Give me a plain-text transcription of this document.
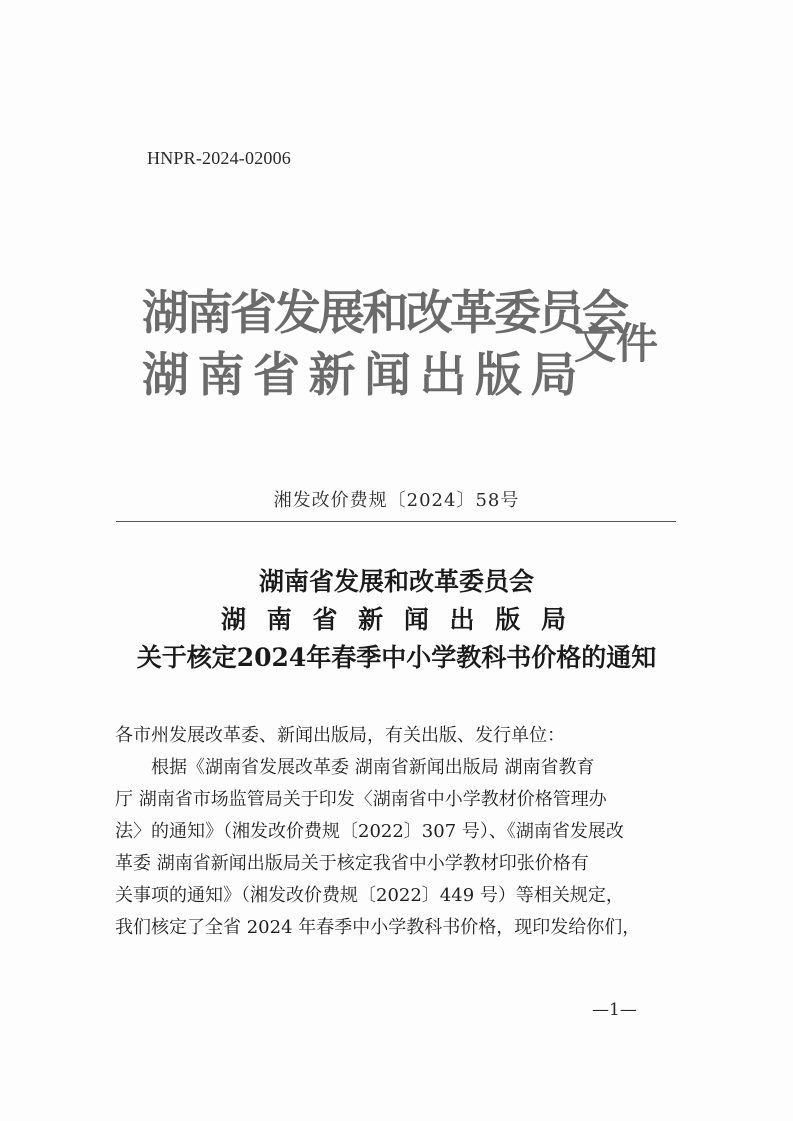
HNPR-2024-02006
湖南省发展和改革委员会
湖南省新闻出版局
文件
湘发改价费规〔2024〕58号
湖南省发展和改革委员会
湖 南 省 新 闻 出 版 局
关于核定2024年春季中小学教科书价格的通知

各市州发展改革委、新闻出版局，有关出版、发行单位：

根据《湖南省发展改革委 湖南省新闻出版局 湖南省教育

厅 湖南省市场监管局关于印发〈湖南省中小学教材价格管理办

法〉的通知》（湘发改价费规〔2022〕307 号）、《湖南省发展改

革委 湖南省新闻出版局关于核定我省中小学教材印张价格有

关事项的通知》（湘发改价费规〔2022〕449 号）等相关规定，

我们核定了全省 2024 年春季中小学教科书价格，现印发给你们，

—1—
